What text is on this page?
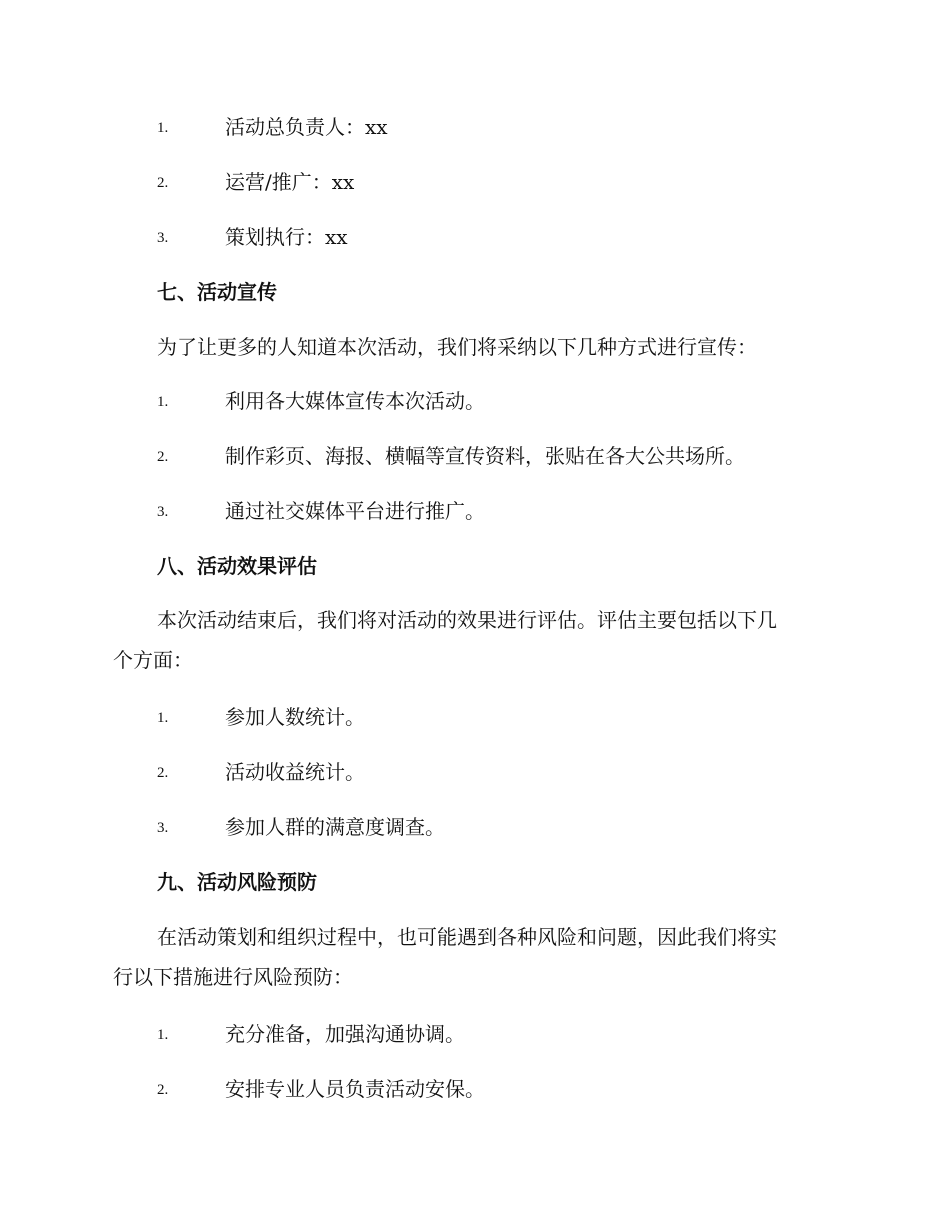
1.	活动总负责人：xx
2.	运营/推广：xx
3.	策划执行：xx
七、活动宣传
为了让更多的人知道本次活动，我们将采纳以下几种方式进行宣传：
1.	利用各大媒体宣传本次活动。
2.	制作彩页、海报、横幅等宣传资料，张贴在各大公共场所。
3.	通过社交媒体平台进行推广。
八、活动效果评估
本次活动结束后，我们将对活动的效果进行评估。评估主要包括以下几
个方面：
1.	参加人数统计。
2.	活动收益统计。
3.	参加人群的满意度调查。
九、活动风险预防
在活动策划和组织过程中，也可能遇到各种风险和问题，因此我们将实
行以下措施进行风险预防：
1.	充分准备，加强沟通协调。
2.	安排专业人员负责活动安保。
